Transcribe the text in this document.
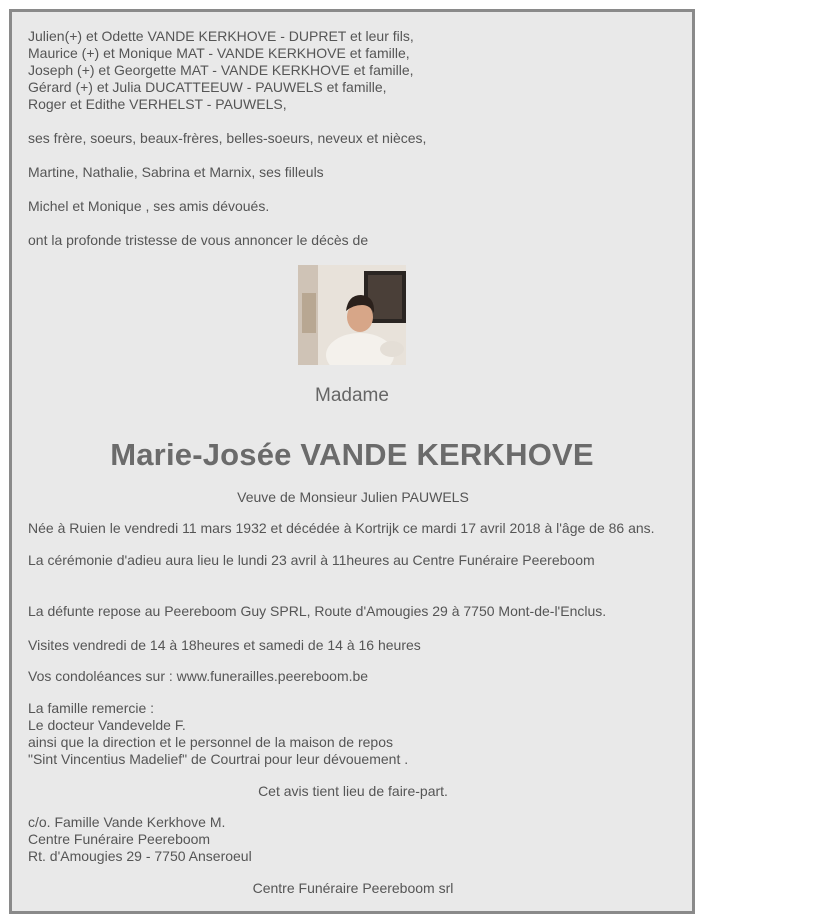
Julien(+) et Odette VANDE KERKHOVE - DUPRET et leur fils,
Maurice (+) et Monique MAT - VANDE KERKHOVE et famille,
Joseph (+) et Georgette MAT - VANDE KERKHOVE et famille,
Gérard (+) et Julia DUCATTEEUW - PAUWELS et famille,
Roger et Edithe VERHELST - PAUWELS,
ses frère, soeurs, beaux-frères, belles-soeurs, neveux et nièces,
Martine, Nathalie, Sabrina et Marnix, ses filleuls
Michel et Monique , ses amis dévoués.
ont la profonde tristesse de vous annoncer le décès de
Madame
Marie-Josée VANDE KERKHOVE
Veuve de Monsieur Julien PAUWELS
Née à Ruien le vendredi 11 mars 1932 et décédée à Kortrijk ce mardi 17 avril 2018 à l'âge de 86 ans.
La cérémonie d'adieu aura lieu le lundi 23 avril à 11heures au Centre Funéraire Peereboom
La défunte repose au Peereboom Guy SPRL, Route d'Amougies 29 à 7750 Mont-de-l'Enclus.
Visites vendredi de 14 à 18heures et samedi de 14 à 16 heures
Vos condoléances sur : www.funerailles.peereboom.be
La famille remercie :
Le docteur Vandevelde F.
ainsi que la direction et le personnel de la maison de repos
"Sint Vincentius Madelief" de Courtrai pour leur dévouement .
Cet avis tient lieu de faire-part.
c/o. Famille Vande Kerkhove M.
Centre Funéraire Peereboom
Rt. d'Amougies 29 - 7750 Anseroeul
Centre Funéraire Peereboom srl
